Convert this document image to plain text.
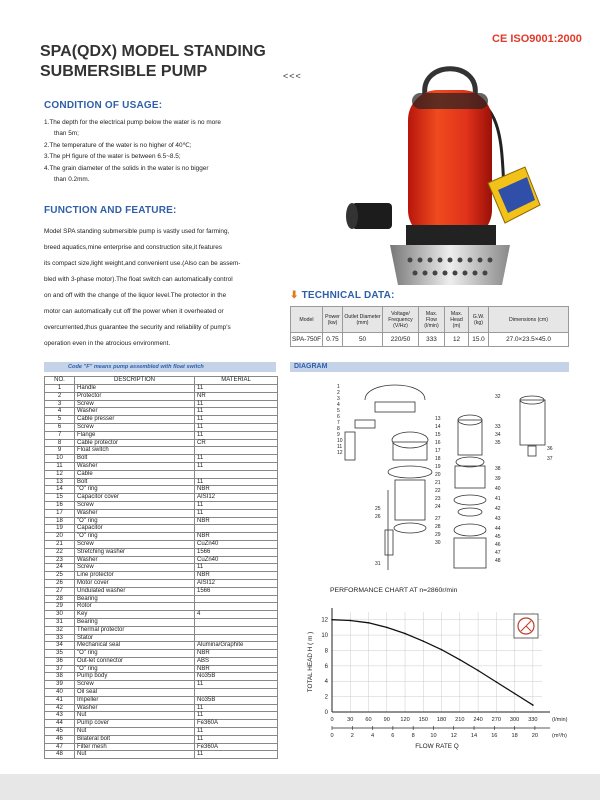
SPA(QDX) MODEL STANDING
SUBMERSIBLE PUMP	<<<
CE ISO9001:2000
CONDITION OF USAGE:
1.The depth for the electrical pump below the water is no more
than 5m;
2.The temperature of the water is no higher of 40℃;
3.The pH figure of the water is between 6.5~8.5;
4.The grain diameter of the solids in the water is no bigger
than 0.2mm.
FUNCTION AND FEATURE:
Model SPA standing submersible pump is vastly used for farming,
breed aquatics,mine enterprise and construction site,it features
its compact size,light weight,and convenient use.(Also can be assem-
bled with 3-phase motor).The float switch can automatically control
on and off with the change of the liquor level.The protector in the
motor can automatically cut off the power when it overheated or
overcurrented,thus guarantee the security and reliability of pump's
operation even in the atrocious environment.
⬇ TECHNICAL DATA:
Model	Power (kw)	Outlet Diameter (mm)	Voltage/ Frequency (V/Hz)	Max. Flow (l/min)	Max. Head (m)	G.W. (kg)	Dimensions (cm)
SPA-750F	0.75	50	220/50	333	12	15.0	27.0×23.5×45.0
Code "F" means pump assembled with float switch
NO.	DESCRIPTION	MATERIAL
1	Handle	11
2	Protector	NR
3	Screw	11
4	Washer	11
5	Cable presser	11
6	Screw	11
7	Flange	11
8	Cable protector	CR
9	Float switch	
10	Bolt	11
11	Washer	11
12	Cable	
13	Bolt	11
14	"O" ring	NBR
15	Capacitor cover	AISI12
16	Screw	11
17	Washer	11
18	"O" ring	NBR
19	Capacitor	
20	"O" ring	NBR
21	Screw	CuZn40
22	Stretching washer	1566
23	Washer	CuZn40
24	Screw	11
25	Line protector	NBR
26	Motor cover	AISI12
27	Undulated washer	1566
28	Bearing	
29	Rotor	
30	Key	4
31	Bearing	
32	Thermal protector	
33	Stator	
34	Mechanical seal	Alumina/Graphite
35	"O" ring	NBR
36	Out-let connector	ABS
37	"O" ring	NBR
38	Pump body	No35B
39	Screw	11
40	Oil seal	
41	Impeller	No35B
42	Washer	11
43	Nut	11
44	Pump cover	Fe360A
45	Nut	11
46	Bilateral bolt	11
47	Filter mesh	Fe360A
48	Nut	11
DIAGRAM
1
2
3
4
5
6
7
8
9
10
11
12
13
14
15
16
17
18
19
20
21
22
23
24
25
26	27
28
29
30
31
32
33
34
35
36
37
38
39
40
41
42
43
44
45
46
47
48
PERFORMANCE CHART AT n=2860r/min
0
2
4
6
8
10
12
0 30 60 90 120 150 180 210 240 270 300 330
0	2	4	6	8	10	12	14	16	18	20
(l/min)
(m³/h)
FLOW RATE Q
TOTAL HEAD H ( m )
